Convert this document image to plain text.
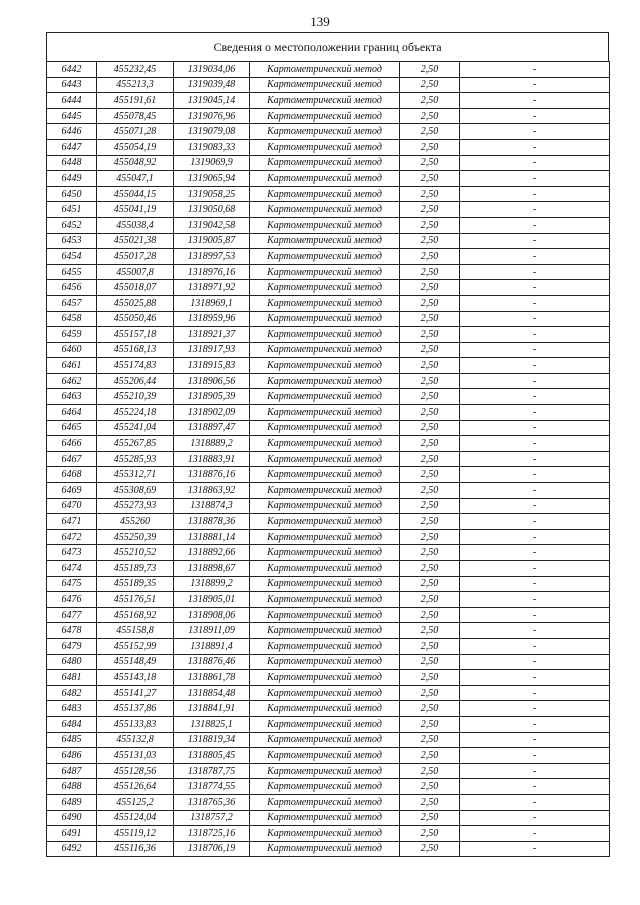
139
Сведения о местоположении границ объекта
6442	455232,45	1319034,06	Картометрический метод	2,50	-
6443	455213,3	1319039,48	Картометрический метод	2,50	-
6444	455191,61	1319045,14	Картометрический метод	2,50	-
6445	455078,45	1319076,96	Картометрический метод	2,50	-
6446	455071,28	1319079,08	Картометрический метод	2,50	-
6447	455054,19	1319083,33	Картометрический метод	2,50	-
6448	455048,92	1319069,9	Картометрический метод	2,50	-
6449	455047,1	1319065,94	Картометрический метод	2,50	-
6450	455044,15	1319058,25	Картометрический метод	2,50	-
6451	455041,19	1319050,68	Картометрический метод	2,50	-
6452	455038,4	1319042,58	Картометрический метод	2,50	-
6453	455021,38	1319005,87	Картометрический метод	2,50	-
6454	455017,28	1318997,53	Картометрический метод	2,50	-
6455	455007,8	1318976,16	Картометрический метод	2,50	-
6456	455018,07	1318971,92	Картометрический метод	2,50	-
6457	455025,88	1318969,1	Картометрический метод	2,50	-
6458	455050,46	1318959,96	Картометрический метод	2,50	-
6459	455157,18	1318921,37	Картометрический метод	2,50	-
6460	455168,13	1318917,93	Картометрический метод	2,50	-
6461	455174,83	1318915,83	Картометрический метод	2,50	-
6462	455206,44	1318906,56	Картометрический метод	2,50	-
6463	455210,39	1318905,39	Картометрический метод	2,50	-
6464	455224,18	1318902,09	Картометрический метод	2,50	-
6465	455241,04	1318897,47	Картометрический метод	2,50	-
6466	455267,85	1318889,2	Картометрический метод	2,50	-
6467	455285,93	1318883,91	Картометрический метод	2,50	-
6468	455312,71	1318876,16	Картометрический метод	2,50	-
6469	455308,69	1318863,92	Картометрический метод	2,50	-
6470	455273,93	1318874,3	Картометрический метод	2,50	-
6471	455260	1318878,36	Картометрический метод	2,50	-
6472	455250,39	1318881,14	Картометрический метод	2,50	-
6473	455210,52	1318892,66	Картометрический метод	2,50	-
6474	455189,73	1318898,67	Картометрический метод	2,50	-
6475	455189,35	1318899,2	Картометрический метод	2,50	-
6476	455176,51	1318905,01	Картометрический метод	2,50	-
6477	455168,92	1318908,06	Картометрический метод	2,50	-
6478	455158,8	1318911,09	Картометрический метод	2,50	-
6479	455152,99	1318891,4	Картометрический метод	2,50	-
6480	455148,49	1318876,46	Картометрический метод	2,50	-
6481	455143,18	1318861,78	Картометрический метод	2,50	-
6482	455141,27	1318854,48	Картометрический метод	2,50	-
6483	455137,86	1318841,91	Картометрический метод	2,50	-
6484	455133,83	1318825,1	Картометрический метод	2,50	-
6485	455132,8	1318819,34	Картометрический метод	2,50	-
6486	455131,03	1318805,45	Картометрический метод	2,50	-
6487	455128,56	1318787,75	Картометрический метод	2,50	-
6488	455126,64	1318774,55	Картометрический метод	2,50	-
6489	455125,2	1318765,36	Картометрический метод	2,50	-
6490	455124,04	1318757,2	Картометрический метод	2,50	-
6491	455119,12	1318725,16	Картометрический метод	2,50	-
6492	455116,36	1318706,19	Картометрический метод	2,50	-
